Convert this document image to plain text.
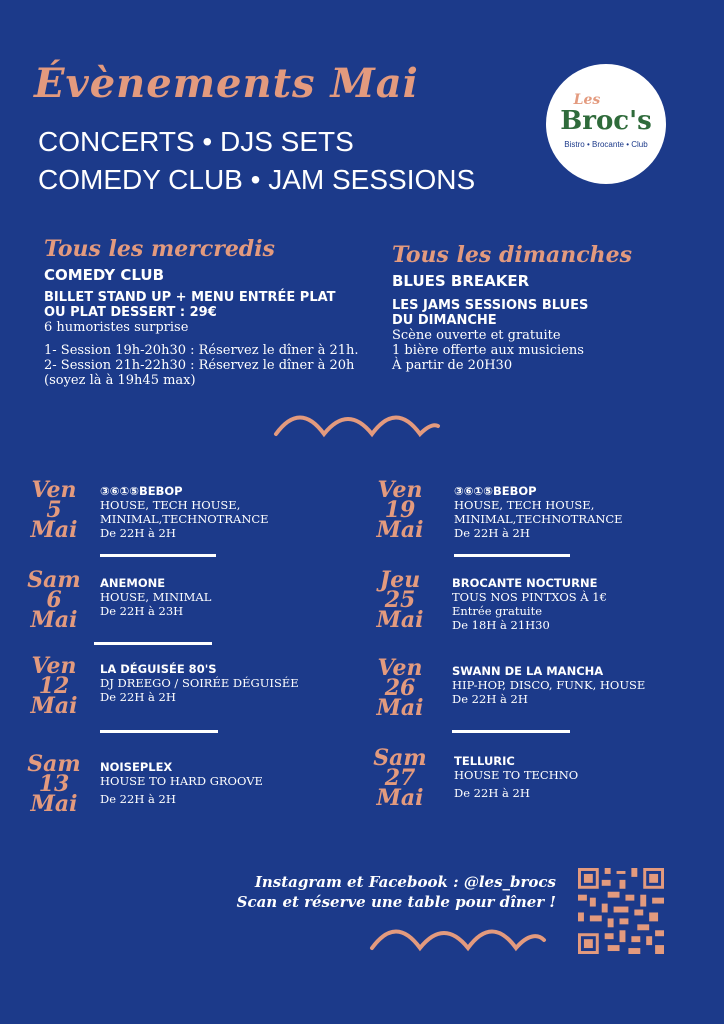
Évènements Mai
CONCERTS • DJS SETS
COMEDY CLUB • JAM SESSIONS
Les
Broc's
Bistro • Brocante • Club
Tous les mercredis
COMEDY CLUB
BILLET STAND UP + MENU ENTRÉE PLAT
OU PLAT DESSERT : 29€
6 humoristes surprise
1- Session 19h-20h30 : Réservez le dîner à 21h.
2- Session 21h-22h30 : Réservez le dîner à 20h
(soyez là à 19h45 max)
Tous les dimanches
BLUES BREAKER
LES JAMS SESSIONS BLUES
DU DIMANCHE
Scène ouverte et gratuite
1 bière offerte aux musiciens
À partir de 20H30
Ven
5
Mai
③⑥①⑤BEBOP
HOUSE, TECH HOUSE,
MINIMAL,TECHNOTRANCE
De 22H à 2H
Sam
6
Mai
ANEMONE
HOUSE, MINIMAL
De 22H à 23H
Ven
12
Mai
LA DÉGUISÉE 80'S
DJ DREEGO / SOIRÉE DÉGUISÉE
De 22H à 2H
Sam
13
Mai
NOISEPLEX
HOUSE TO HARD GROOVE
De 22H à 2H
Ven
19
Mai
③⑥①⑤BEBOP
HOUSE, TECH HOUSE,
MINIMAL,TECHNOTRANCE
De 22H à 2H
Jeu
25
Mai
BROCANTE NOCTURNE
TOUS NOS PINTXOS À 1€
Entrée gratuite
De 18H à 21H30
Ven
26
Mai
SWANN DE LA MANCHA
HIP-HOP, DISCO, FUNK, HOUSE
De 22H à 2H
Sam
27
Mai
TELLURIC
HOUSE TO TECHNO
De 22H à 2H
Instagram et Facebook : @les_brocs
Scan et réserve une table pour dîner !
